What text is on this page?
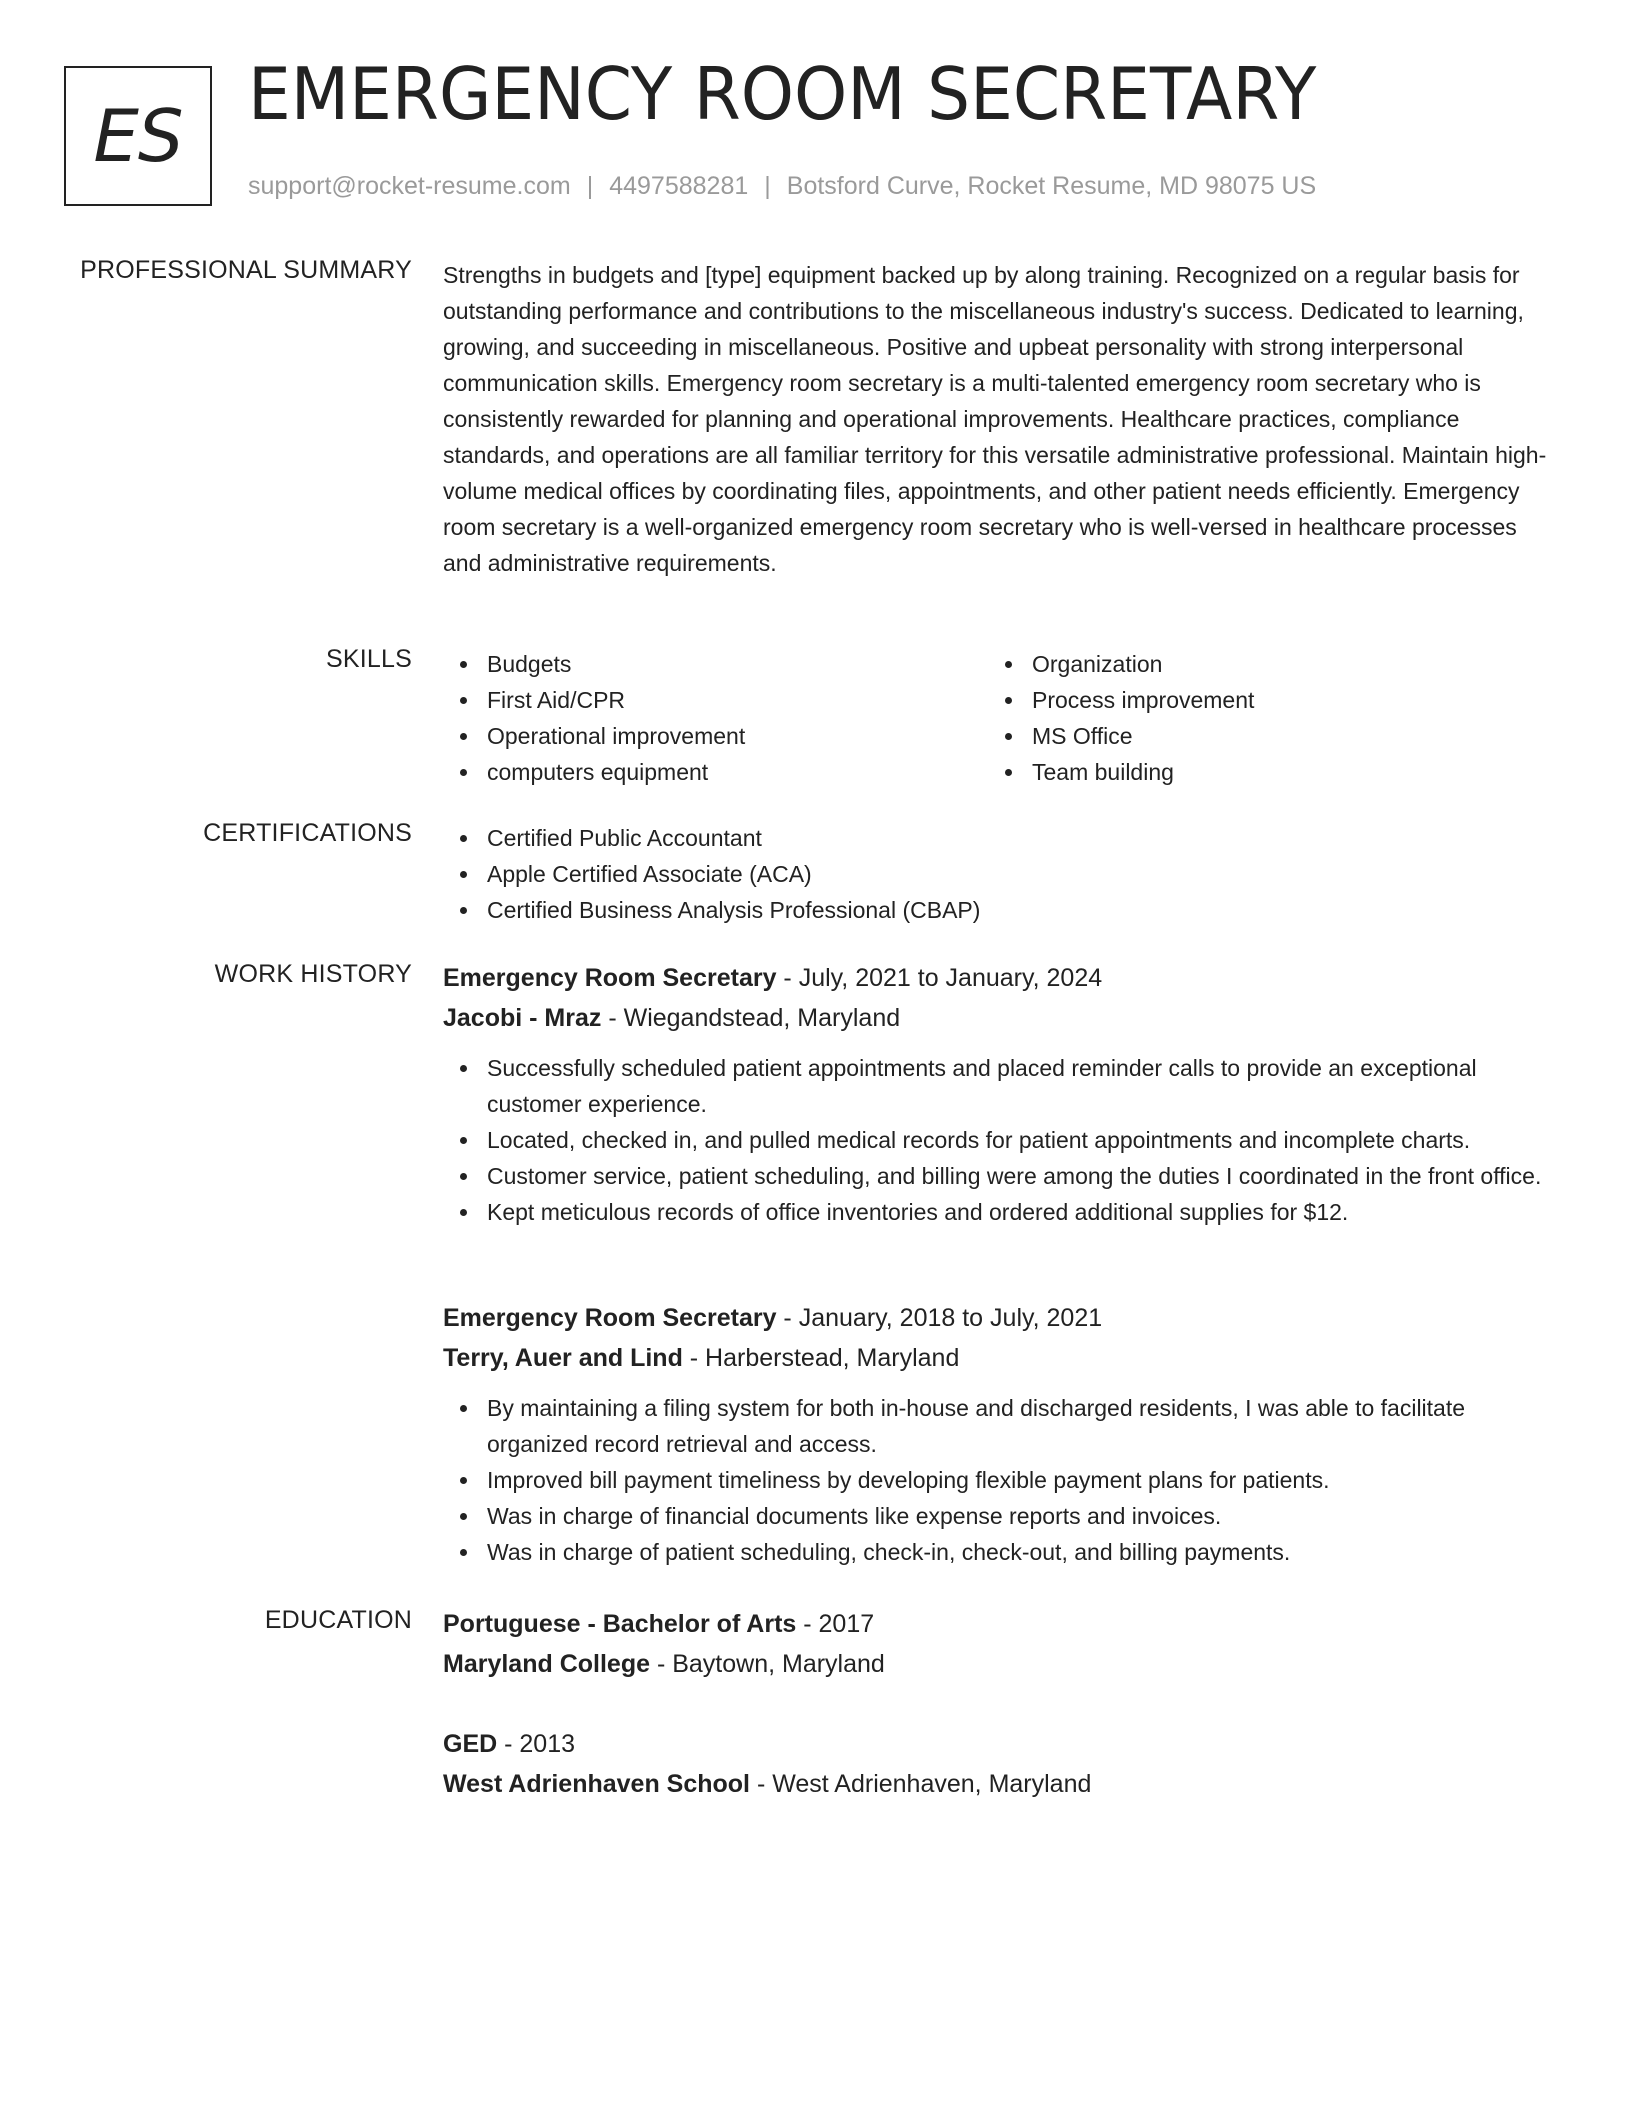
ES EMERGENCY ROOM SECRETARY
support@rocket-resume.com | 4497588281 | Botsford Curve, Rocket Resume, MD 98075 US
PROFESSIONAL SUMMARY Strengths in budgets and [type] equipment backed up by along training. Recognized on a regular basis for outstanding performance and contributions to the miscellaneous industry's success. Dedicated to learning, growing, and succeeding in miscellaneous. Positive and upbeat personality with strong interpersonal communication skills. Emergency room secretary is a multi-talented emergency room secretary who is consistently rewarded for planning and operational improvements. Healthcare practices, compliance standards, and operations are all familiar territory for this versatile administrative professional. Maintain high-volume medical offices by coordinating files, appointments, and other patient needs efficiently. Emergency room secretary is a well-organized emergency room secretary who is well-versed in healthcare processes and administrative requirements.
SKILLS	Budgets
First Aid/CPR
Operational improvement
computers equipment
Organization
Process improvement
MS Office
Team building
CERTIFICATIONS	Certified Public Accountant
Apple Certified Associate (ACA)
Certified Business Analysis Professional (CBAP)
WORK HISTORY Emergency Room Secretary - July, 2021 to January, 2024
Jacobi - Mraz - Wiegandstead, Maryland
Successfully scheduled patient appointments and placed reminder calls to provide an exceptional customer experience.
Located, checked in, and pulled medical records for patient appointments and incomplete charts.
Customer service, patient scheduling, and billing were among the duties I coordinated in the front office.
Kept meticulous records of office inventories and ordered additional supplies for $12.
Emergency Room Secretary - January, 2018 to July, 2021
Terry, Auer and Lind - Harberstead, Maryland
By maintaining a filing system for both in-house and discharged residents, I was able to facilitate organized record retrieval and access.
Improved bill payment timeliness by developing flexible payment plans for patients.
Was in charge of financial documents like expense reports and invoices.
Was in charge of patient scheduling, check-in, check-out, and billing payments.
EDUCATION Portuguese - Bachelor of Arts - 2017
Maryland College - Baytown, Maryland
GED - 2013
West Adrienhaven School - West Adrienhaven, Maryland
